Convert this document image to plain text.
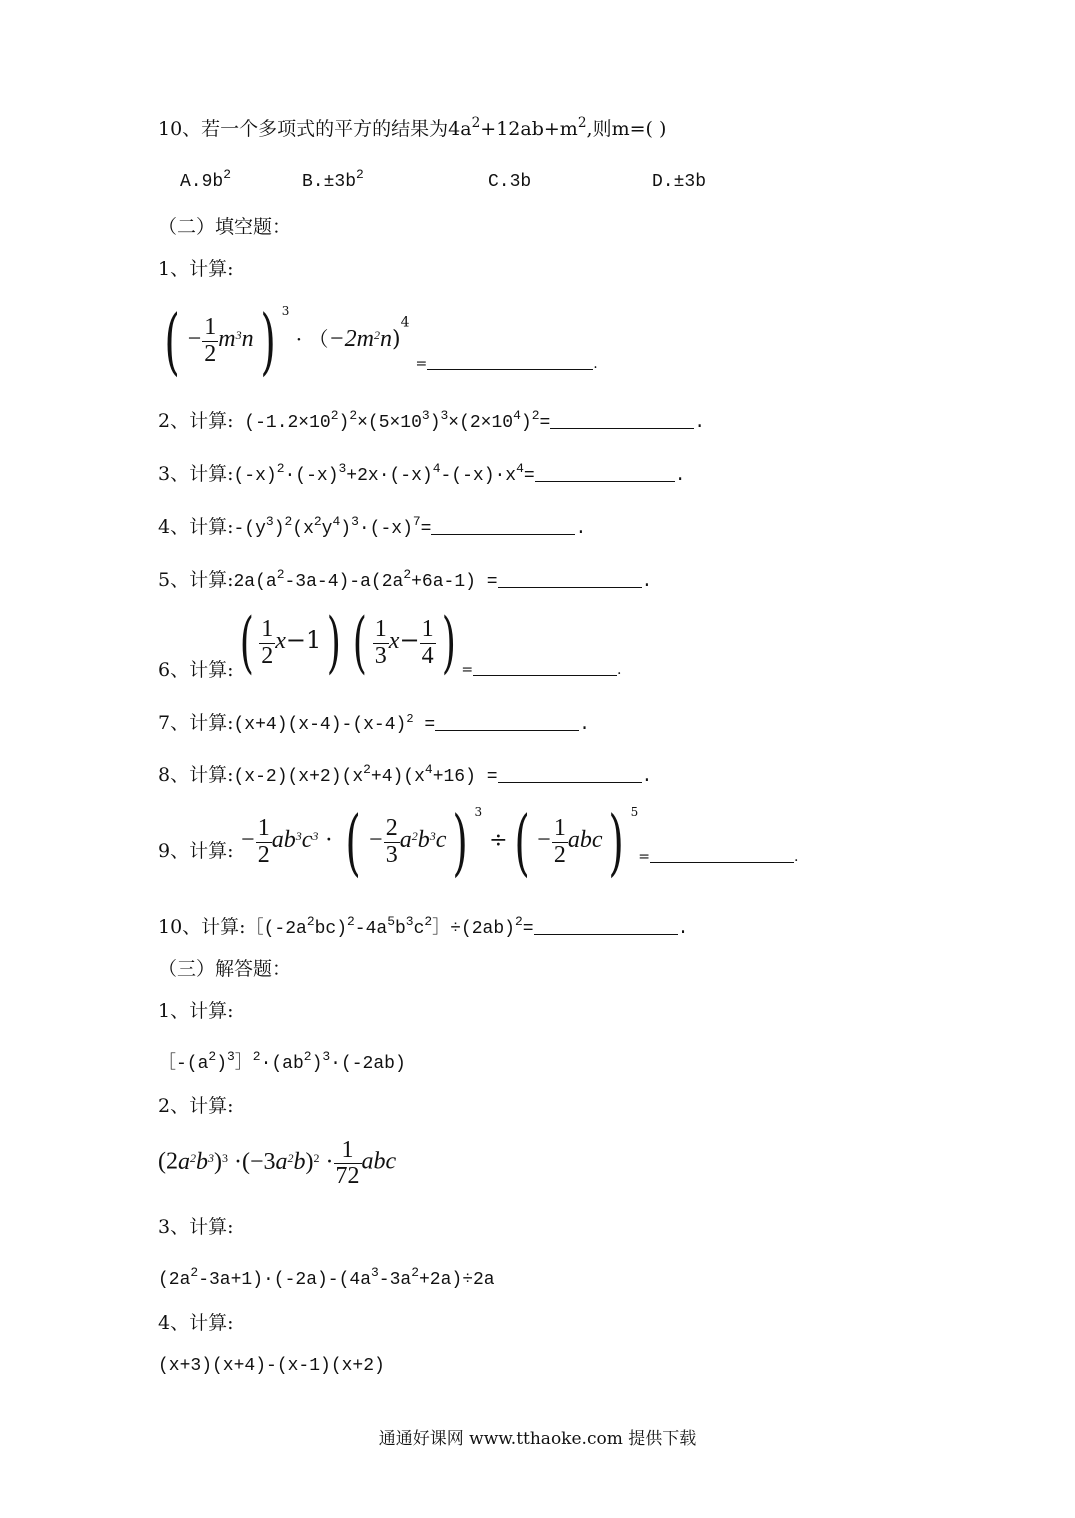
10、若一个多项式的平方的结果为$4a^2+12ab+m^2$,则m=( )
$A.9b^2$	$B.\pm 3b^2$	C.3b	D.±3b
（二）填空题：
1、计算:
( − $\frac{1}{2} m^3n$) $^3 \cdot (-2m^2n)^4$ =	.
2、计算: $(-1.2\times 10^2)^2\times(5\times 10^3)^3\times(2\times 10^4)^2=$	.
3、计算$:(-x)^2\cdot(-x)^3+2x\cdot(-x)^4-(-x)\cdot x^4=$	.
4、计算$:-(y^3)^2(x^2y^4)^3\cdot(-x)^7=$	.
5、计算$:2a(a^2-3a-4)-a(2a^2+6a-1)$ =	.
6、计算:( $\frac{1}{2} x-1$) ( $\frac{1}{3} x- \frac{1}{4}$ ) =	.
7、计算$:(x+4)(x-4)-(x-4)^2$ =	.
8、计算$:(x-2)(x+2)(x^2+4)(x^4+16)$ =	.
9、计算: − $\frac{1}{2} ab^3c^3$ · ( − $\frac{2}{3} a^2b^3c$) $^3$ ÷( − $\frac{1}{2} abc$) $^5$=	.
10、计算$:[(-2a^2bc)^2-4a^5b^3c^2]\div(2ab)^2=$	.
（三）解答题：
1、计算:
$[-(a^2)^3]^2\cdot(ab^2)^3\cdot(-2ab)$
2、计算:
$(2a^2b^3)^3 \cdot(-3a^2b)^2 \cdot \frac{1}{72}$ abc
3、计算:
$(2a^2-3a+1)\cdot(-2a)-(4a^3-3a^2+2a)\div 2a$
4、计算:
(x+3)(x+4)-(x-1)(x+2)
通通好课网 www.tthaoke.com 提供下载
